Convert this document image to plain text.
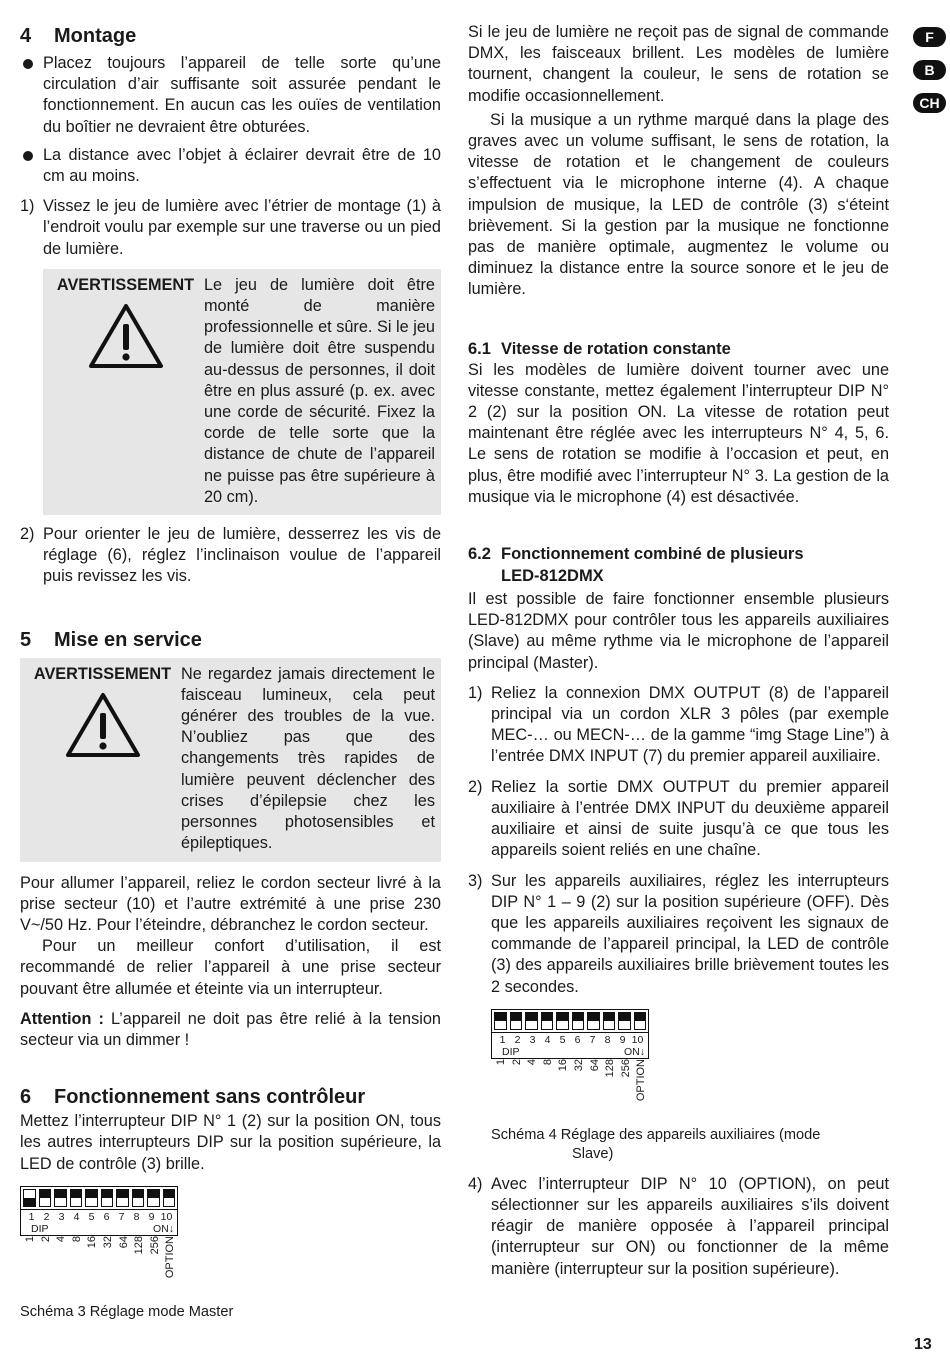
F
B
CH
4	Montage
Placez toujours l’appareil de telle sorte qu’une circulation d’air suffisante soit assurée pendant le fonctionnement. En aucun cas les ouïes de ventilation du boîtier ne devraient être obturées.
La distance avec l’objet à éclairer devrait être de 10 cm au moins.
1) Vissez le jeu de lumière avec l’étrier de montage (1) à l’endroit voulu par exemple sur une traverse ou un pied de lumière.
AVERTISSEMENT Le jeu de lumière doit être monté de manière professionnelle et sûre. Si le jeu de lumière doit être suspendu au-dessus de personnes, il doit être en plus assuré (p. ex. avec une corde de sécurité. Fixez la corde de telle sorte que la distance de chute de l’appareil ne puisse pas être supérieure à 20 cm).
2) Pour orienter le jeu de lumière, desserrez les vis de réglage (6), réglez l’inclinaison voulue de l’appareil puis revissez les vis.
5	Mise en service
AVERTISSEMENT Ne regardez jamais directement le faisceau lumineux, cela peut générer des troubles de la vue. N’oubliez pas que des changements très rapides de lumière peuvent déclencher des crises d’épilepsie chez les personnes photosensibles et épileptiques.

Pour allumer l’appareil, reliez le cordon secteur livré à la prise secteur (10) et l’autre extrémité à une prise 230 V~/50 Hz. Pour l’éteindre, débranchez le cordon secteur.

Pour un meilleur confort d’utilisation, il est recommandé de relier l’appareil à une prise secteur pouvant être allumée et éteinte via un interrupteur.

Attention : L’appareil ne doit pas être relié à la tension secteur via un dimmer !

6	Fonctionnement sans contrôleur

Mettez l’interrupteur DIP N° 1 (2) sur la position ON, tous les autres interrupteurs DIP sur la position supérieure, la LED de contrôle (3) brille.

1 2 3 4 5 6 7 8 9 10
DIP	ON↓
1 2 4 8 16 32 64 128 256 OPTION

Schéma 3 Réglage mode Master

Si le jeu de lumière ne reçoit pas de signal de commande DMX, les faisceaux brillent. Les modèles de lumière tournent, changent la couleur, le sens de rotation se modifie occasionnellement.

Si la musique a un rythme marqué dans la plage des graves avec un volume suffisant, le sens de rotation, la vitesse de rotation et le changement de couleurs s’effectuent via le microphone interne (4). A chaque impulsion de musique, la LED de contrôle (3) s‘éteint brièvement. Si la gestion par la musique ne fonctionne pas de manière optimale, augmentez le volume ou diminuez la distance entre la source sonore et le jeu de lumière.

6.1 Vitesse de rotation constante

Si les modèles de lumière doivent tourner avec une vitesse constante, mettez également l’interrupteur DIP N° 2 (2) sur la position ON. La vitesse de rotation peut maintenant être réglée avec les interrupteurs N° 4, 5, 6. Le sens de rotation se modifie à l’occasion et peut, en plus, être modifié avec l’interrupteur N° 3. La gestion de la musique via le microphone (4) est désactivée.

6.2 Fonctionnement combiné de plusieurs
LED-812DMX

Il est possible de faire fonctionner ensemble plusieurs LED-812DMX pour contrôler tous les appareils auxiliaires (Slave) au même rythme via le microphone de l’appareil principal (Master).

1) Reliez la connexion DMX OUTPUT (8) de l’appareil principal via un cordon XLR 3 pôles (par exemple MEC-… ou MECN-… de la gamme “img Stage Line”) à l’entrée DMX INPUT (7) du premier appareil auxiliaire.
2) Reliez la sortie DMX OUTPUT du premier appareil auxiliaire à l’entrée DMX INPUT du deuxième appareil auxiliaire et ainsi de suite jusqu’à ce que tous les appareils soient reliés en une chaîne.
3) Sur les appareils auxiliaires, réglez les interrupteurs DIP N° 1 – 9 (2) sur la position supérieure (OFF). Dès que les appareils auxiliaires reçoivent les signaux de commande de l’appareil principal, la LED de contrôle (3) des appareils auxiliaires brille brièvement toutes les 2 secondes.
1 2 3 4 5 6 7 8 9 10
DIP	ON↓
1 2 4 8 16 32 64 128 256 OPTION

Schéma 4 Réglage des appareils auxiliaires (mode
Slave)

4) Avec l’interrupteur DIP N° 10 (OPTION), on peut sélectionner sur les appareils auxiliaires s’ils doivent réagir de manière opposée à l’appareil principal (interrupteur sur ON) ou fonctionner de la même manière (interrupteur sur la position supérieure).
13
